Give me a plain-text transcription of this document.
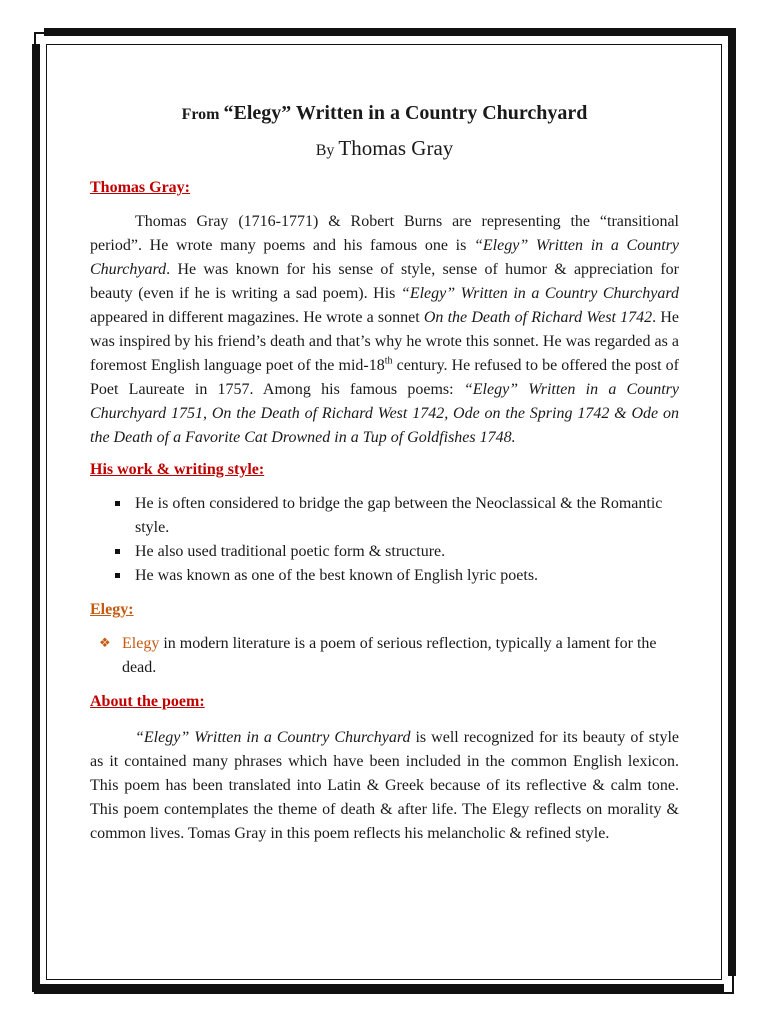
From “Elegy” Written in a Country Churchyard
By Thomas Gray
Thomas Gray:

Thomas Gray (1716-1771) & Robert Burns are representing the “transitional period”. He wrote many poems and his famous one is “Elegy” Written in a Country Churchyard. He was known for his sense of style, sense of humor & appreciation for beauty (even if he is writing a sad poem). His “Elegy” Written in a Country Churchyard appeared in different magazines. He wrote a sonnet On the Death of Richard West 1742. He was inspired by his friend’s death and that’s why he wrote this sonnet. He was regarded as a foremost English language poet of the mid-18th century. He refused to be offered the post of Poet Laureate in 1757. Among his famous poems: “Elegy” Written in a Country Churchyard 1751, On the Death of Richard West 1742, Ode on the Spring 1742 & Ode on the Death of a Favorite Cat Drowned in a Tup of Goldfishes 1748.

His work & writing style:
He is often considered to bridge the gap between the Neoclassical & the Romantic style.
He also used traditional poetic form & structure.
He was known as one of the best known of English lyric poets.
Elegy:
❖ Elegy in modern literature is a poem of serious reflection, typically a lament for the dead.
About the poem:

“Elegy” Written in a Country Churchyard is well recognized for its beauty of style as it contained many phrases which have been included in the common English lexicon. This poem has been translated into Latin & Greek because of its reflective & calm tone. This poem contemplates the theme of death & after life. The Elegy reflects on morality & common lives. Tomas Gray in this poem reflects his melancholic & refined style.
